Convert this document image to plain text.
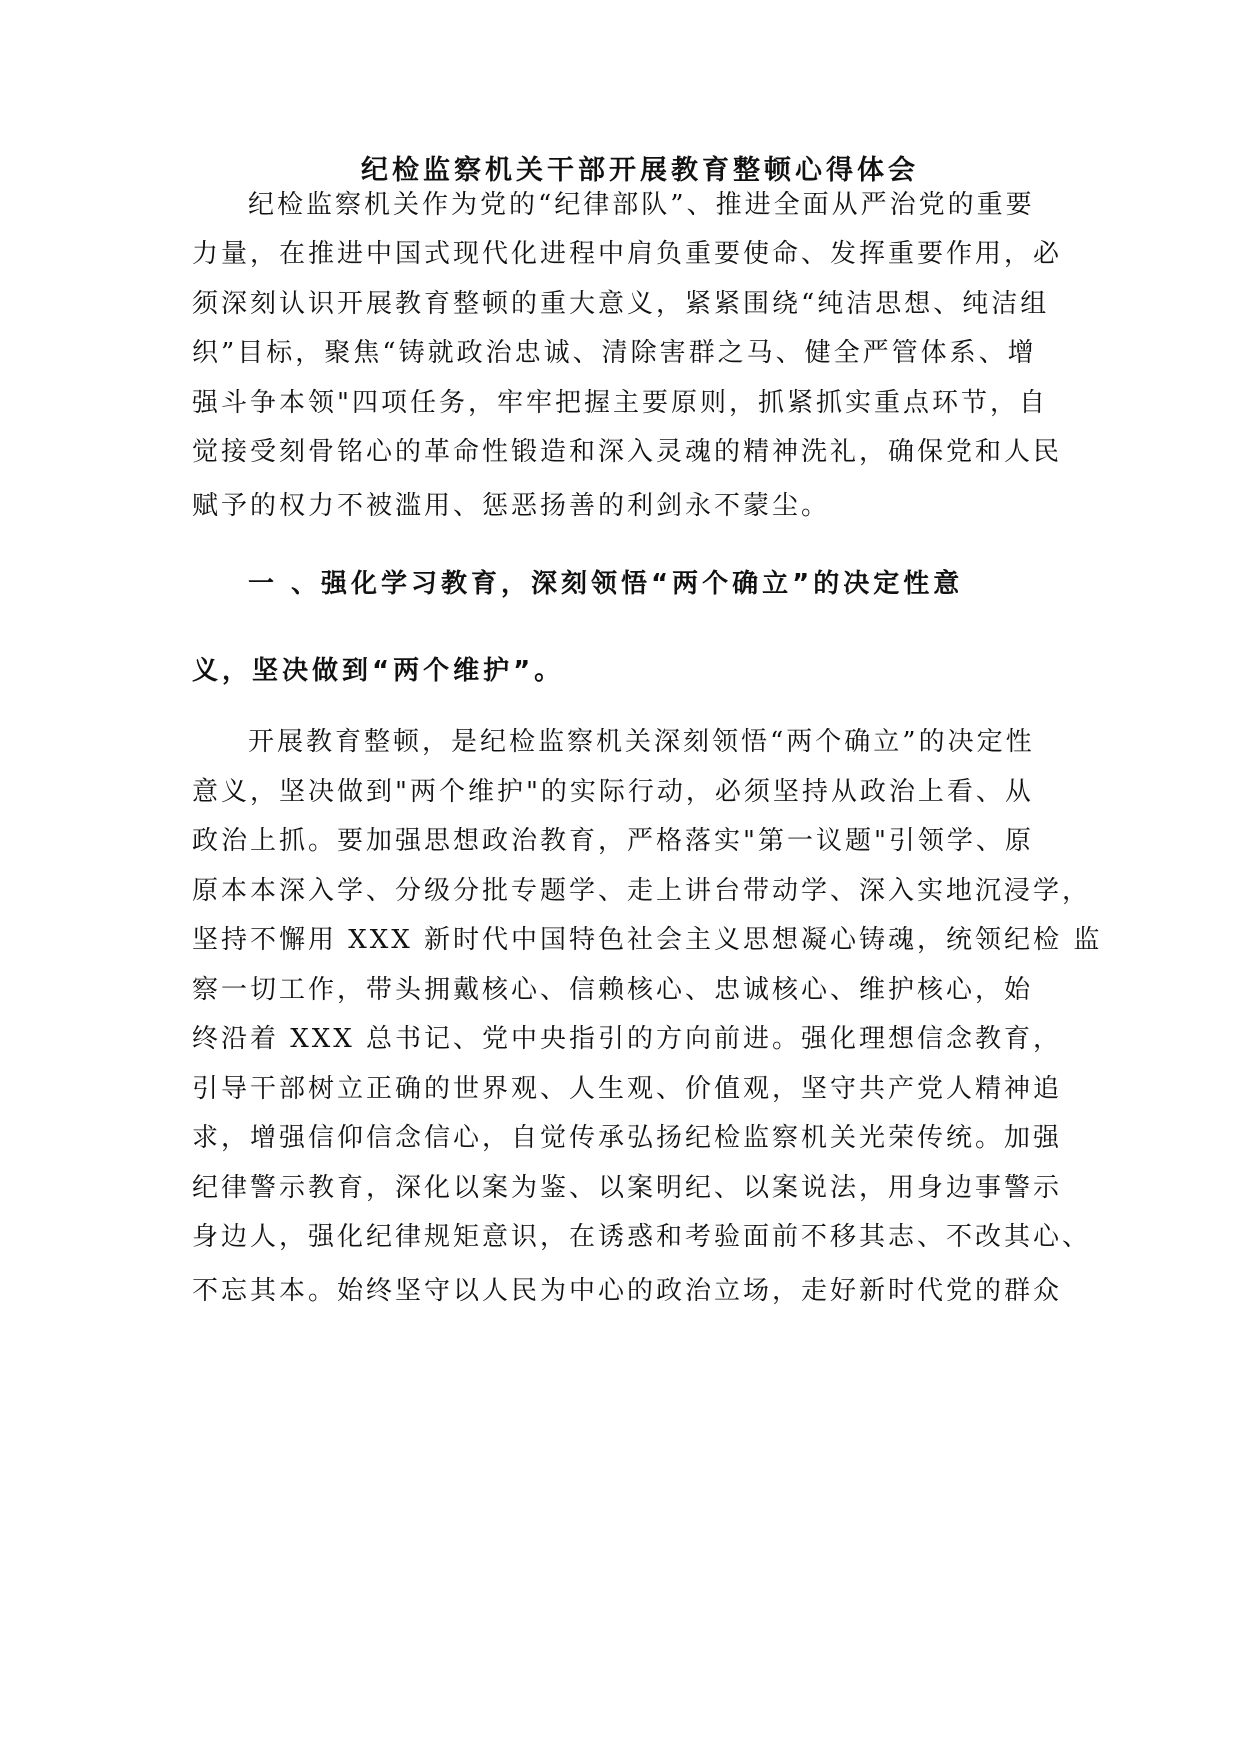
纪检监察机关干部开展教育整顿心得体会
纪检监察机关作为党的“纪律部队”、推进全面从严治党的重要
力量，在推进中国式现代化进程中肩负重要使命、发挥重要作用，必
须深刻认识开展教育整顿的重大意义，紧紧围绕“纯洁思想、纯洁组
织”目标，聚焦“铸就政治忠诚、清除害群之马、健全严管体系、增
强斗争本领"四项任务，牢牢把握主要原则，抓紧抓实重点环节，自
觉接受刻骨铭心的革命性锻造和深入灵魂的精神洗礼，确保党和人民
赋予的权力不被滥用、惩恶扬善的利剑永不蒙尘。
一 、强化学习教育，深刻领悟“两个确立”的决定性意
义，坚决做到“两个维护”。
开展教育整顿，是纪检监察机关深刻领悟“两个确立”的决定性
意义，坚决做到"两个维护"的实际行动，必须坚持从政治上看、从
政治上抓。要加强思想政治教育，严格落实"第一议题"引领学、原
原本本深入学、分级分批专题学、走上讲台带动学、深入实地沉浸学，
坚持不懈用 XXX 新时代中国特色社会主义思想凝心铸魂，统领纪检 监
察一切工作，带头拥戴核心、信赖核心、忠诚核心、维护核心，始
终沿着 XXX 总书记、党中央指引的方向前进。强化理想信念教育，
引导干部树立正确的世界观、人生观、价值观，坚守共产党人精神追
求，增强信仰信念信心，自觉传承弘扬纪检监察机关光荣传统。加强
纪律警示教育，深化以案为鉴、以案明纪、以案说法，用身边事警示
身边人，强化纪律规矩意识，在诱惑和考验面前不移其志、不改其心、
不忘其本。始终坚守以人民为中心的政治立场，走好新时代党的群众
